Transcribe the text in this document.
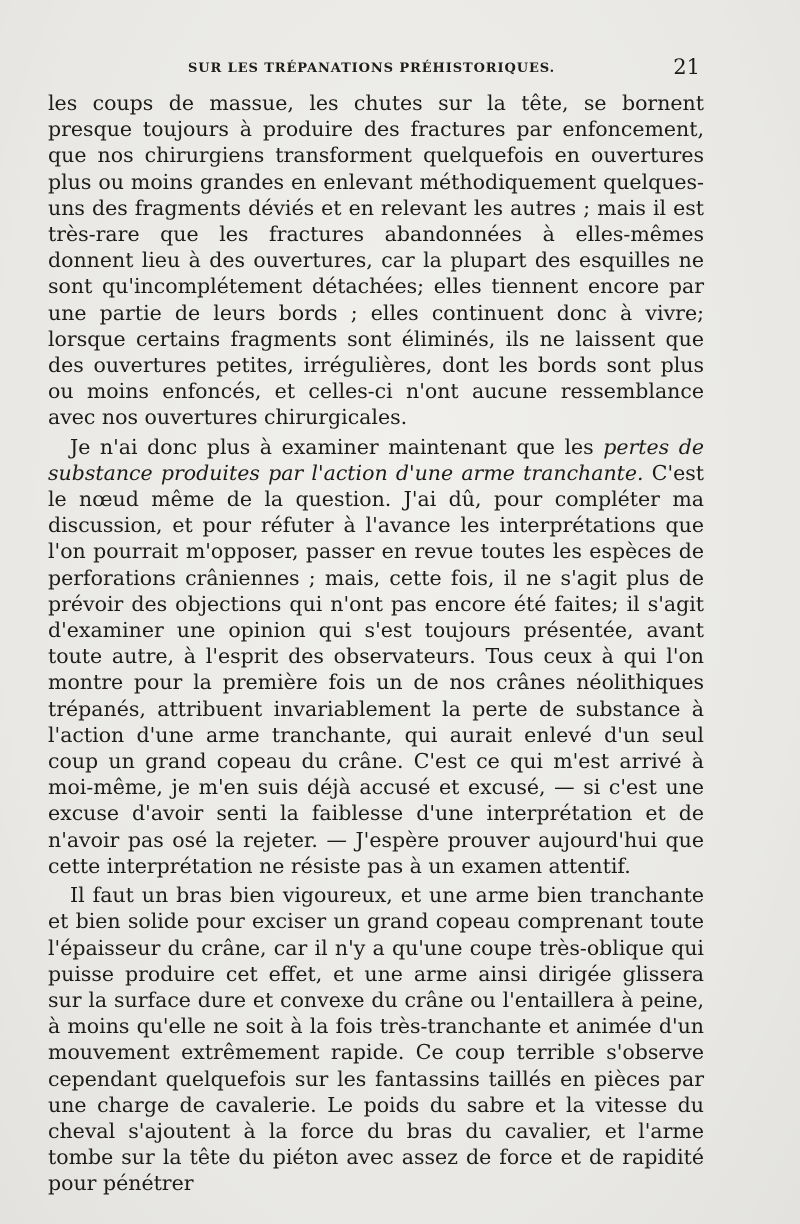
SUR LES TRÉPANATIONS PRÉHISTORIQUES.	21

les coups de massue, les chutes sur la tête, se bornent presque toujours à produire des fractures par enfoncement, que nos chirurgiens transforment quelquefois en ouvertures plus ou moins grandes en enlevant méthodiquement quelques-uns des fragments déviés et en relevant les autres ; mais il est très-rare que les fractures abandonnées à elles-mêmes donnent lieu à des ouvertures, car la plupart des esquilles ne sont qu'incomplétement détachées; elles tiennent encore par une partie de leurs bords ; elles continuent donc à vivre; lorsque certains fragments sont éliminés, ils ne laissent que des ouvertures petites, irrégulières, dont les bords sont plus ou moins enfoncés, et celles-ci n'ont aucune ressemblance avec nos ouvertures chirurgicales.

Je n'ai donc plus à examiner maintenant que les pertes de substance produites par l'action d'une arme tranchante. C'est le nœud même de la question. J'ai dû, pour compléter ma discussion, et pour réfuter à l'avance les interprétations que l'on pourrait m'opposer, passer en revue toutes les espèces de perforations crâniennes ; mais, cette fois, il ne s'agit plus de prévoir des objections qui n'ont pas encore été faites; il s'agit d'examiner une opinion qui s'est toujours présentée, avant toute autre, à l'esprit des observateurs. Tous ceux à qui l'on montre pour la première fois un de nos crânes néolithiques trépanés, attribuent invariablement la perte de substance à l'action d'une arme tranchante, qui aurait enlevé d'un seul coup un grand copeau du crâne. C'est ce qui m'est arrivé à moi-même, je m'en suis déjà accusé et excusé, — si c'est une excuse d'avoir senti la faiblesse d'une interprétation et de n'avoir pas osé la rejeter. — J'espère prouver aujourd'hui que cette interprétation ne résiste pas à un examen attentif.

Il faut un bras bien vigoureux, et une arme bien tranchante et bien solide pour exciser un grand copeau comprenant toute l'épaisseur du crâne, car il n'y a qu'une coupe très-oblique qui puisse produire cet effet, et une arme ainsi dirigée glissera sur la surface dure et convexe du crâne ou l'entaillera à peine, à moins qu'elle ne soit à la fois très-tranchante et animée d'un mouvement extrêmement rapide. Ce coup terrible s'observe cependant quelquefois sur les fantassins taillés en pièces par une charge de cavalerie. Le poids du sabre et la vitesse du cheval s'ajoutent à la force du bras du cavalier, et l'arme tombe sur la tête du piéton avec assez de force et de rapidité pour pénétrer
